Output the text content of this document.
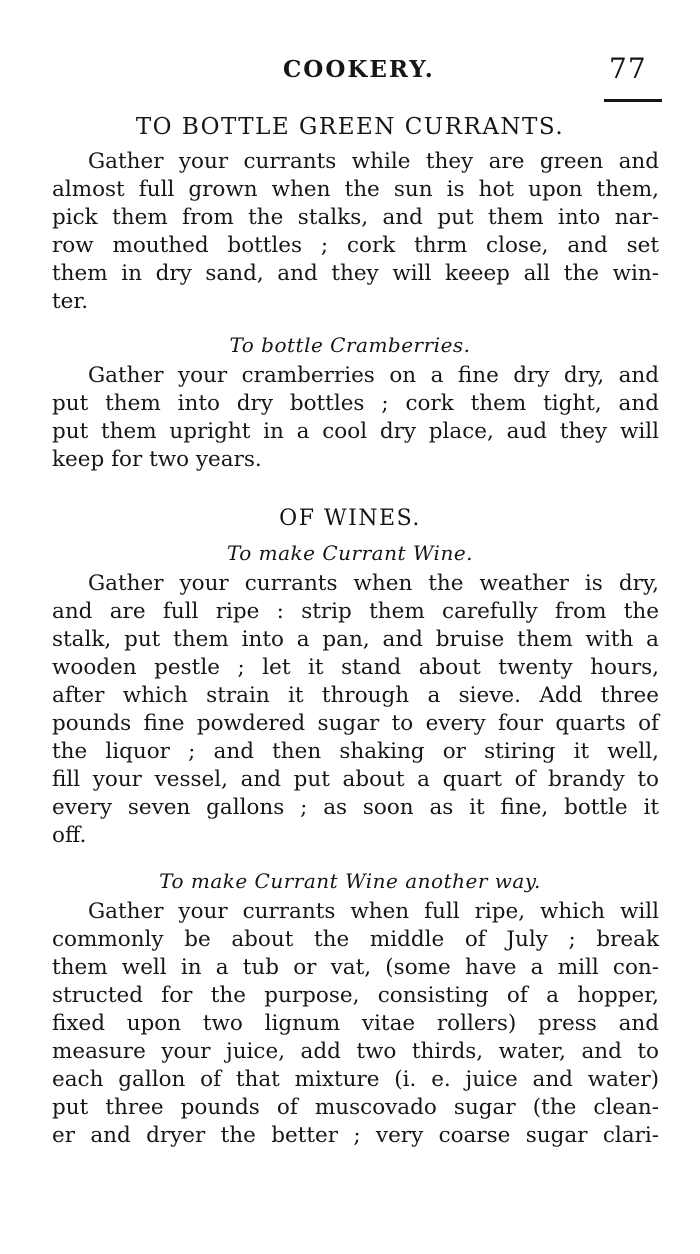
COOKERY.	77
TO BOTTLE GREEN CURRANTS.
Gather your currants while they are green and
almost full grown when the sun is hot upon them,
pick them from the stalks, and put them into nar-
row mouthed bottles ; cork thrm close, and set
them in dry sand, and they will keeep all the win-
ter.
To bottle Cramberries.
Gather your cramberries on a fine dry dry, and
put them into dry bottles ; cork them tight, and
put them upright in a cool dry place, aud they will
keep for two years.
OF WINES.
To make Currant Wine.
Gather your currants when the weather is dry,
and are full ripe : strip them carefully from the
stalk, put them into a pan, and bruise them with a
wooden pestle ; let it stand about twenty hours,
after which strain it through a sieve. Add three
pounds fine powdered sugar to every four quarts of
the liquor ; and then shaking or stiring it well,
fill your vessel, and put about a quart of brandy to
every seven gallons ; as soon as it fine, bottle it
off.
To make Currant Wine another way.
Gather your currants when full ripe, which will
commonly be about the middle of July ; break
them well in a tub or vat, (some have a mill con-
structed for the purpose, consisting of a hopper,
fixed upon two lignum vitae rollers) press and
measure your juice, add two thirds, water, and to
each gallon of that mixture (i. e. juice and water)
put three pounds of muscovado sugar (the clean-
er and dryer the better ; very coarse sugar clari-
